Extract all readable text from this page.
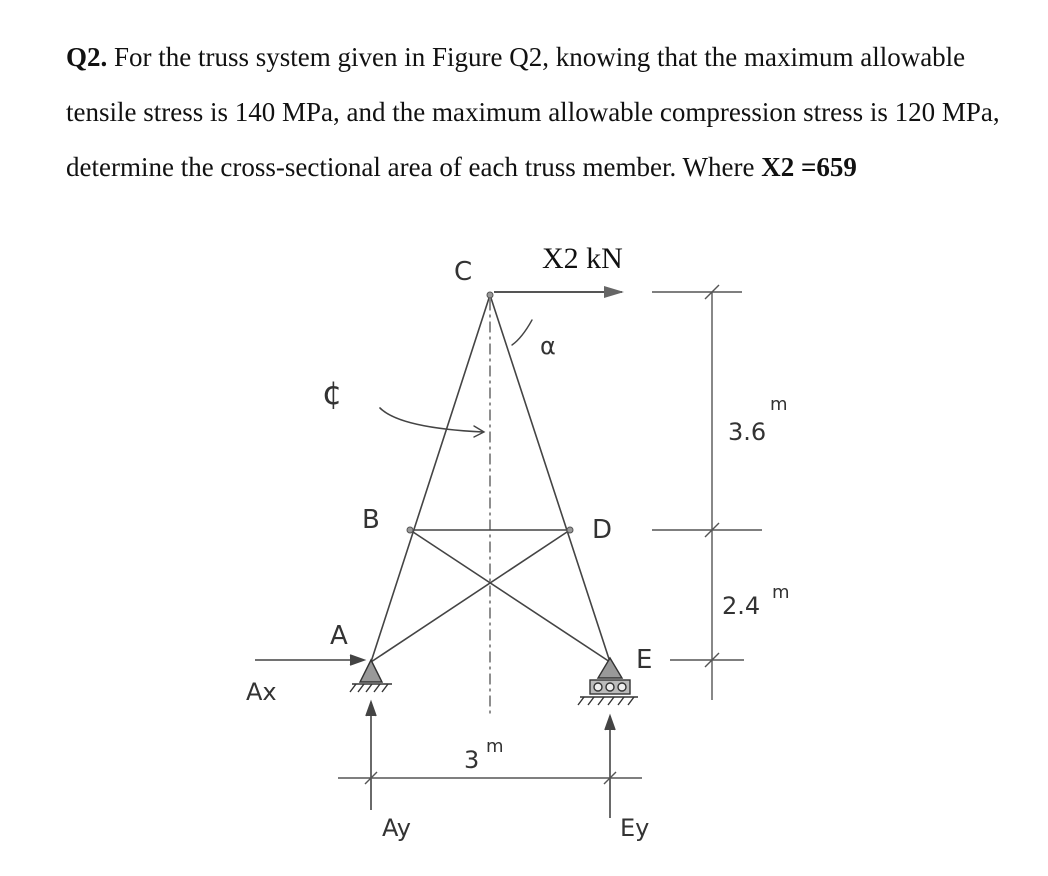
Q2. For the truss system given in Figure Q2, knowing that the maximum allowable tensile stress is 140 MPa, and the maximum allowable compression stress is 120 MPa, determine the cross-sectional area of each truss member. Where X2 =659
X2 kN
C
B	D
A
E
α
¢
3.6
m
2.4 m
3 m
Ax
Ay	Ey
